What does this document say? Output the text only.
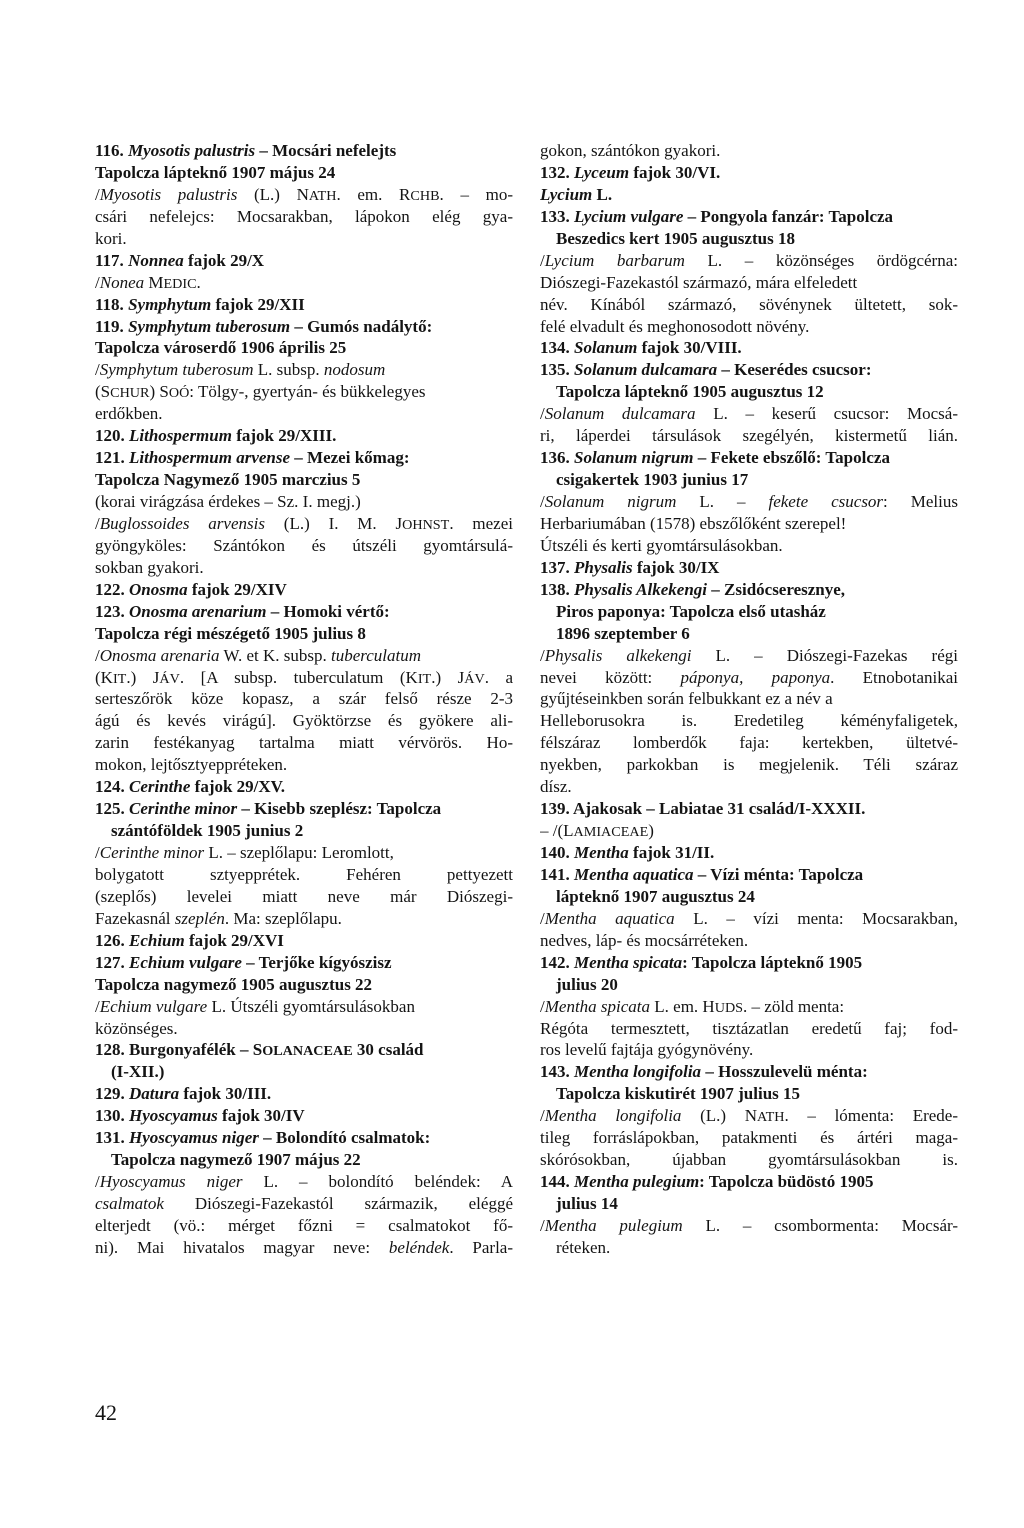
116. Myosotis palustris – Mocsári nefelejts
Tapolcza lápteknő 1907 május 24
/Myosotis palustris (L.) NATH. em. RCHB. – mo-
csári nefelejcs: Mocsarakban, lápokon elég gya-
kori.
117. Nonnea fajok 29/X
/Nonea MEDIC.
118. Symphytum fajok 29/XII
119. Symphytum tuberosum – Gumós nadálytő:
Tapolcza városerdő 1906 április 25
/Symphytum tuberosum L. subsp. nodosum
(SCHUR) SOÓ: Tölgy-, gyertyán- és bükkelegyes
erdőkben.
120. Lithospermum fajok 29/XIII.
121. Lithospermum arvense – Mezei kőmag:
Tapolcza Nagymező 1905 marczius 5
(korai virágzása érdekes – Sz. I. megj.)
/Buglossoides arvensis (L.) I. M. JOHNST. mezei
gyöngyköles: Szántókon és útszéli gyomtársulá-
sokban gyakori.
122. Onosma fajok 29/XIV
123. Onosma arenarium – Homoki vértő:
Tapolcza régi mészégető 1905 julius 8
/Onosma arenaria W. et K. subsp. tuberculatum
(KIT.) JÁV. [A subsp. tuberculatum (KIT.) JÁV. a
serteszőrök köze kopasz, a szár felső része 2-3
ágú és kevés virágú]. Gyöktörzse és gyökere ali-
zarin festékanyag tartalma miatt vérvörös. Ho-
mokon, lejtősztyeppréteken.
124. Cerinthe fajok 29/XV.
125. Cerinthe minor – Kisebb szeplész: Tapolcza
szántóföldek 1905 junius 2
/Cerinthe minor L. – szeplőlapu: Leromlott,
bolygatott sztyepprétek. Fehéren pettyezett
(szeplős) levelei miatt neve már Diószegi-
Fazekasnál szeplén. Ma: szeplőlapu.
126. Echium fajok 29/XVI
127. Echium vulgare – Terjőke kígyószisz
Tapolcza nagymező 1905 augusztus 22
/Echium vulgare L. Útszéli gyomtársulásokban
közönséges.
128. Burgonyafélék – SOLANACEAE 30 család
(I-XII.)
129. Datura fajok 30/III.
130. Hyoscyamus fajok 30/IV
131. Hyoscyamus niger – Bolondító csalmatok:
Tapolcza nagymező 1907 május 22
/Hyoscyamus niger L. – bolondító beléndek: A
csalmatok Diószegi-Fazekastól származik, eléggé
elterjedt (vö.: mérget főzni = csalmatokot fő-
ni). Mai hivatalos magyar neve: beléndek. Parla-
gokon, szántókon gyakori.
132. Lyceum fajok 30/VI.
Lycium L.
133. Lycium vulgare – Pongyola fanzár: Tapolcza
Beszedics kert 1905 augusztus 18
/Lycium barbarum L. – közönséges ördögcérna:
Diószegi-Fazekastól származó, mára elfeledett
név. Kínából származó, sövénynek ültetett, sok-
felé elvadult és meghonosodott növény.
134. Solanum fajok 30/VIII.
135. Solanum dulcamara – Keserédes csucsor:
Tapolcza lápteknő 1905 augusztus 12
/Solanum dulcamara L. – keserű csucsor: Mocsá-
ri, láperdei társulások szegélyén, kistermetű lián.
136. Solanum nigrum – Fekete ebszőlő: Tapolcza
csigakertek 1903 junius 17
/Solanum nigrum L. – fekete csucsor: Melius
Herbariumában (1578) ebszőlőként szerepel!
Útszéli és kerti gyomtársulásokban.
137. Physalis fajok 30/IX
138. Physalis Alkekengi – Zsidócseresznye,
Piros paponya: Tapolcza első utasház
1896 szeptember 6
/Physalis alkekengi L. – Diószegi-Fazekas régi
nevei között: páponya, paponya. Etnobotanikai
gyűjtéseinkben során felbukkant ez a név a
Helleborusokra is. Eredetileg kéményfaligetek,
félszáraz lomberdők faja: kertekben, ültetvé-
nyekben, parkokban is megjelenik. Téli száraz
dísz.
139. Ajakosak – Labiatae 31 család/I-XXXII.
– /(LAMIACEAE)
140. Mentha fajok 31/II.
141. Mentha aquatica – Vízi ménta: Tapolcza
lápteknő 1907 augusztus 24
/Mentha aquatica L. – vízi menta: Mocsarakban,
nedves, láp- és mocsárréteken.
142. Mentha spicata: Tapolcza lápteknő 1905
julius 20
/Mentha spicata L. em. HUDS. – zöld menta:
Régóta termesztett, tisztázatlan eredetű faj; fod-
ros levelű fajtája gyógynövény.
143. Mentha longifolia – Hosszulevelü ménta:
Tapolcza kiskutirét 1907 julius 15
/Mentha longifolia (L.) NATH. – lómenta: Erede-
tileg forráslápokban, patakmenti és ártéri maga-
skórósokban, újabban gyomtársulásokban is.
144. Mentha pulegium: Tapolcza büdöstó 1905
julius 14
/Mentha pulegium L. – csombormenta: Mocsár-
réteken.
42
